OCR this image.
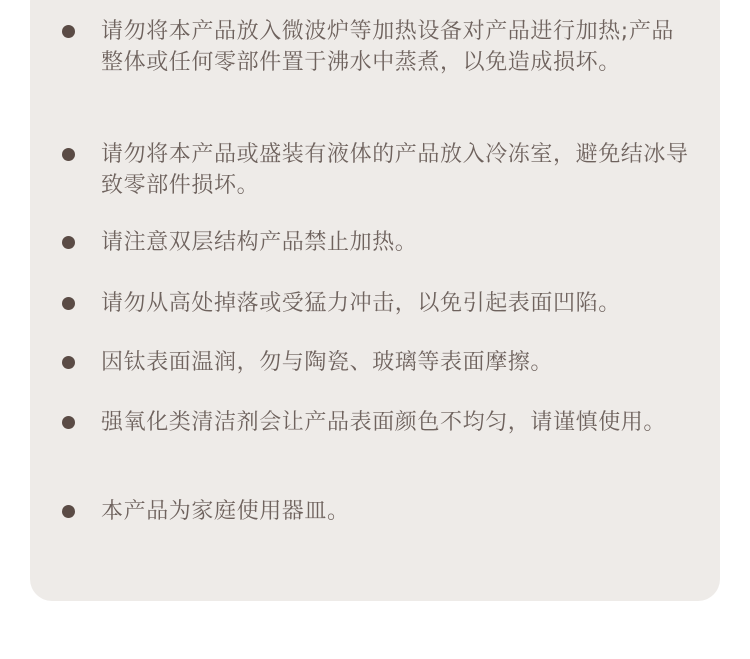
请勿将本产品放入微波炉等加热设备对产品进行加热;产品整体或任何零部件置于沸水中蒸煮，以免造成损坏。

请勿将本产品或盛装有液体的产品放入冷冻室，避免结冰导致零部件损坏。

请注意双层结构产品禁止加热。

请勿从高处掉落或受猛力冲击，以免引起表面凹陷。

因钛表面温润，勿与陶瓷、玻璃等表面摩擦。

强氧化类清洁剂会让产品表面颜色不均匀，请谨慎使用。

本产品为家庭使用器皿。
